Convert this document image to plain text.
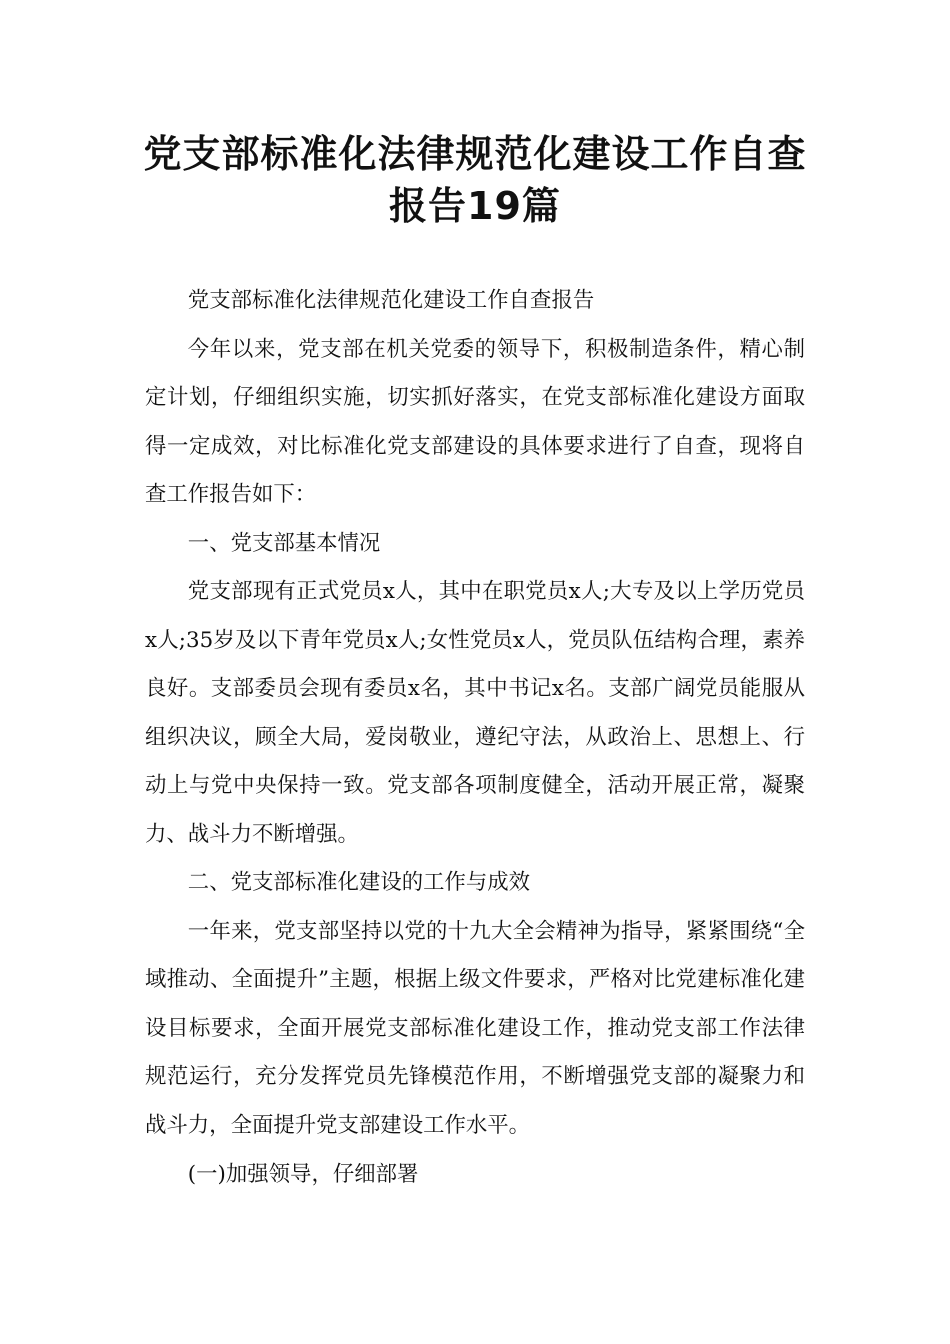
党支部标准化法律规范化建设工作自查
报告19篇

党支部标准化法律规范化建设工作自查报告

今年以来，党支部在机关党委的领导下，积极制造条件，精心制定计划，仔细组织实施，切实抓好落实，在党支部标准化建设方面取得一定成效，对比标准化党支部建设的具体要求进行了自查，现将自查工作报告如下：

一、党支部基本情况

党支部现有正式党员x人，其中在职党员x人;大专及以上学历党员x人;35岁及以下青年党员x人;女性党员x人，党员队伍结构合理，素养良好。支部委员会现有委员x名，其中书记x名。支部广阔党员能服从组织决议，顾全大局，爱岗敬业，遵纪守法，从政治上、思想上、行动上与党中央保持一致。党支部各项制度健全，活动开展正常，凝聚力、战斗力不断增强。

二、党支部标准化建设的工作与成效

一年来，党支部坚持以党的十九大全会精神为指导，紧紧围绕“全域推动、全面提升”主题，根据上级文件要求，严格对比党建标准化建设目标要求，全面开展党支部标准化建设工作，推动党支部工作法律规范运行，充分发挥党员先锋模范作用，不断增强党支部的凝聚力和战斗力，全面提升党支部建设工作水平。

(一)加强领导，仔细部署
